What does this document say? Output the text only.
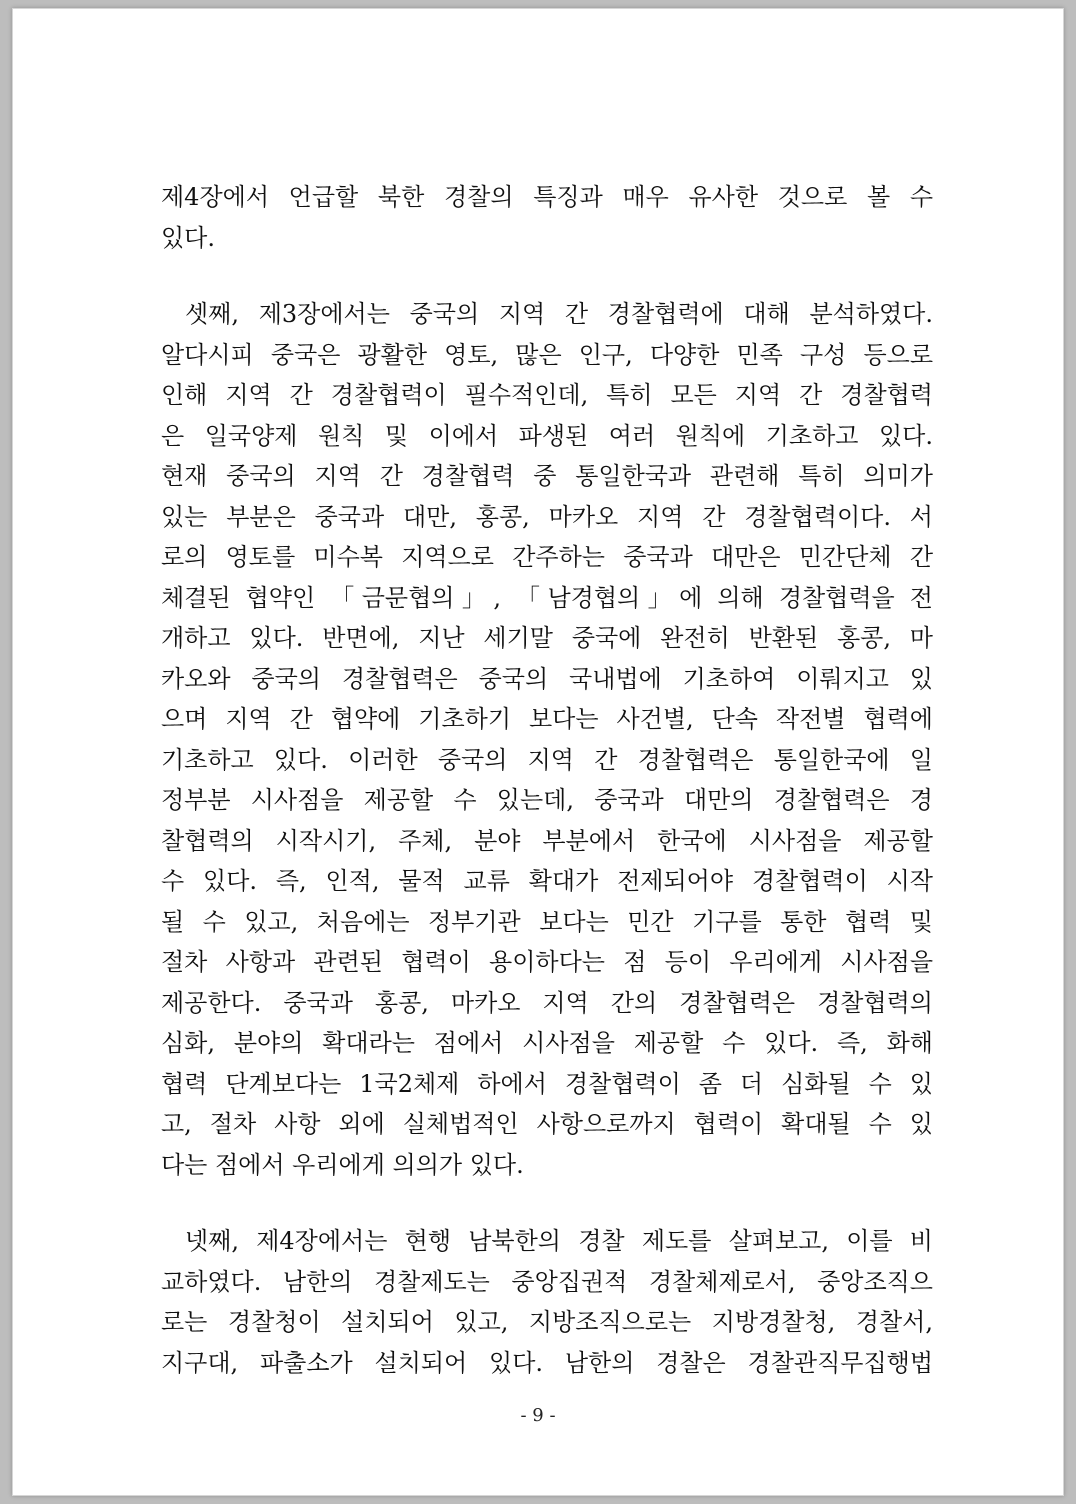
제4장에서 언급할 북한 경찰의 특징과 매우 유사한 것으로 볼 수
있다.
셋째, 제3장에서는 중국의 지역 간 경찰협력에 대해 분석하였다.
알다시피 중국은 광활한 영토, 많은 인구, 다양한 민족 구성 등으로
인해 지역 간 경찰협력이 필수적인데, 특히 모든 지역 간 경찰협력
은 일국양제 원칙 및 이에서 파생된 여러 원칙에 기초하고 있다.
현재 중국의 지역 간 경찰협력 중 통일한국과 관련해 특히 의미가
있는 부분은 중국과 대만, 홍콩, 마카오 지역 간 경찰협력이다. 서
로의 영토를 미수복 지역으로 간주하는 중국과 대만은 민간단체 간
체결된 협약인 「금문협의」, 「남경협의」에 의해 경찰협력을 전
개하고 있다. 반면에, 지난 세기말 중국에 완전히 반환된 홍콩, 마
카오와 중국의 경찰협력은 중국의 국내법에 기초하여 이뤄지고 있
으며 지역 간 협약에 기초하기 보다는 사건별, 단속 작전별 협력에
기초하고 있다. 이러한 중국의 지역 간 경찰협력은 통일한국에 일
정부분 시사점을 제공할 수 있는데, 중국과 대만의 경찰협력은 경
찰협력의 시작시기, 주체, 분야 부분에서 한국에 시사점을 제공할
수 있다. 즉, 인적, 물적 교류 확대가 전제되어야 경찰협력이 시작
될 수 있고, 처음에는 정부기관 보다는 민간 기구를 통한 협력 및
절차 사항과 관련된 협력이 용이하다는 점 등이 우리에게 시사점을
제공한다. 중국과 홍콩, 마카오 지역 간의 경찰협력은 경찰협력의
심화, 분야의 확대라는 점에서 시사점을 제공할 수 있다. 즉, 화해
협력 단계보다는 1국2체제 하에서 경찰협력이 좀 더 심화될 수 있
고, 절차 사항 외에 실체법적인 사항으로까지 협력이 확대될 수 있
다는 점에서 우리에게 의의가 있다.
넷째, 제4장에서는 현행 남북한의 경찰 제도를 살펴보고, 이를 비
교하였다. 남한의 경찰제도는 중앙집권적 경찰체제로서, 중앙조직으
로는 경찰청이 설치되어 있고, 지방조직으로는 지방경찰청, 경찰서,
지구대, 파출소가 설치되어 있다. 남한의 경찰은 경찰관직무집행법
- 9 -
